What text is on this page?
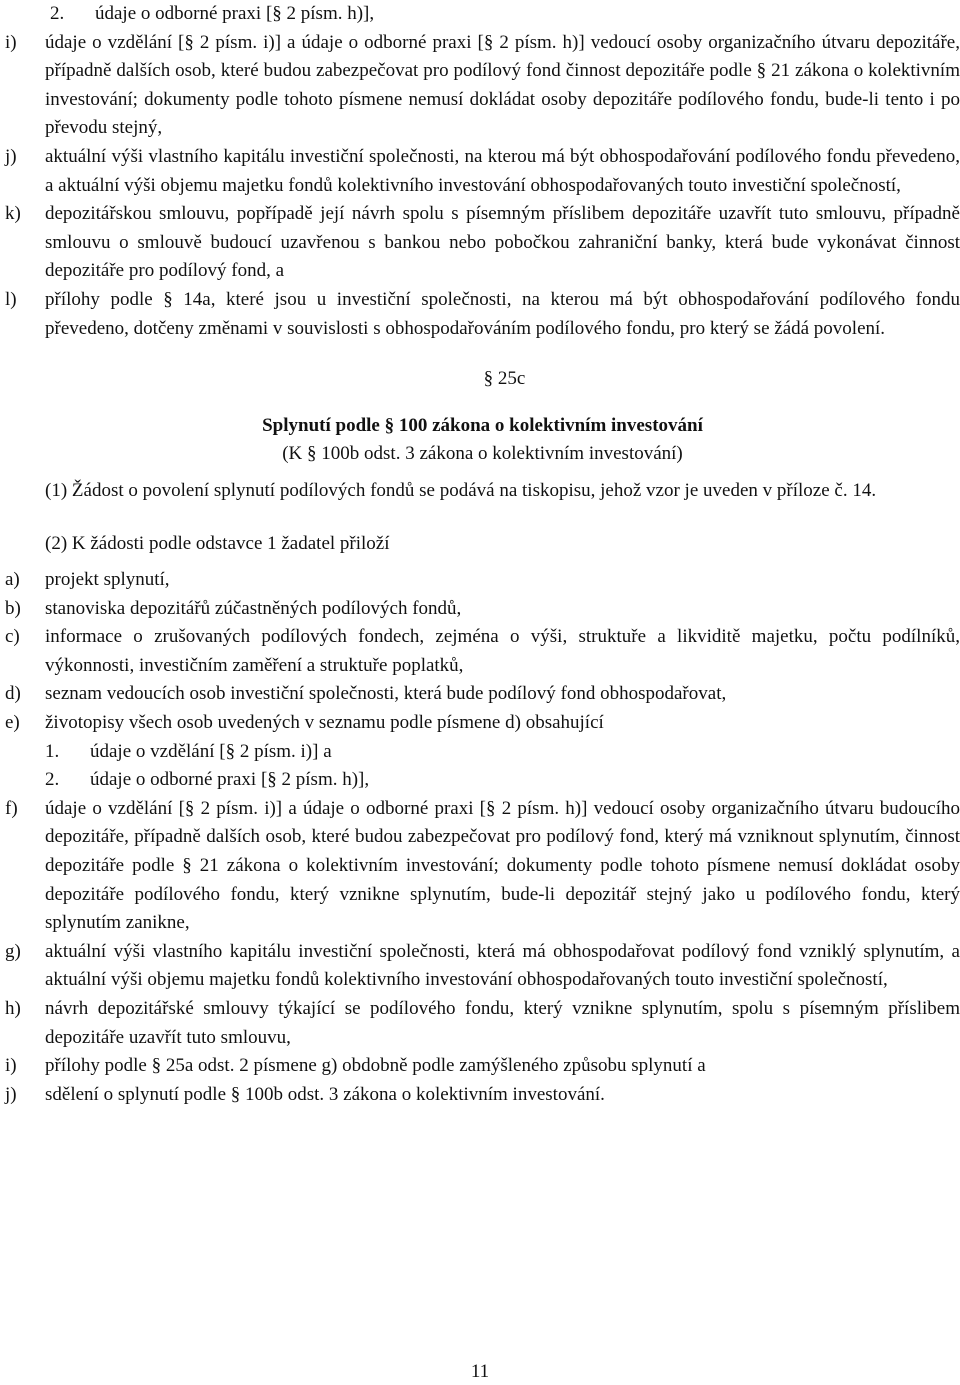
2.	údaje o odborné praxi [§ 2 písm. h)],
i)	údaje o vzdělání [§ 2 písm. i)] a údaje o odborné praxi [§ 2 písm. h)] vedoucí osoby organizačního útvaru depozitáře, případně dalších osob, které budou zabezpečovat pro podílový fond činnost depozitáře podle § 21 zákona o kolektivním investování; dokumenty podle tohoto písmene nemusí dokládat osoby depozitáře podílového fondu, bude-li tento i po převodu stejný,
j)	aktuální výši vlastního kapitálu investiční společnosti, na kterou má být obhospodařování podílového fondu převedeno, a aktuální výši objemu majetku fondů kolektivního investování obhospodařovaných touto investiční společností,
k)	depozitářskou smlouvu, popřípadě její návrh spolu s písemným příslibem depozitáře uzavřít tuto smlouvu, případně smlouvu o smlouvě budoucí uzavřenou s bankou nebo pobočkou zahraniční banky, která bude vykonávat činnost depozitáře pro podílový fond, a
l)	přílohy podle § 14a, které jsou u investiční společnosti, na kterou má být obhospodařování podílového fondu převedeno, dotčeny změnami v souvislosti s obhospodařováním podílového fondu, pro který se žádá povolení.
§ 25c
Splynutí podle § 100 zákona o kolektivním investování
(K § 100b odst. 3 zákona o kolektivním investování)
(1) Žádost o povolení splynutí podílových fondů se podává na tiskopisu, jehož vzor je uveden v příloze č. 14.
(2) K žádosti podle odstavce 1 žadatel přiloží
a)	projekt splynutí,
b)	stanoviska depozitářů zúčastněných podílových fondů,
c)	informace o zrušovaných podílových fondech, zejména o výši, struktuře a likviditě majetku, počtu podílníků, výkonnosti, investičním zaměření a struktuře poplatků,
d)	seznam vedoucích osob investiční společnosti, která bude podílový fond obhospodařovat,
e)	životopisy všech osob uvedených v seznamu podle písmene d) obsahující
1.	údaje o vzdělání [§ 2 písm. i)] a
2.	údaje o odborné praxi [§ 2 písm. h)],
f)	údaje o vzdělání [§ 2 písm. i)] a údaje o odborné praxi [§ 2 písm. h)] vedoucí osoby organizačního útvaru budoucího depozitáře, případně dalších osob, které budou zabezpečovat pro podílový fond, který má vzniknout splynutím, činnost depozitáře podle § 21 zákona o kolektivním investování; dokumenty podle tohoto písmene nemusí dokládat osoby depozitáře podílového fondu, který vznikne splynutím, bude-li depozitář stejný jako u podílového fondu, který splynutím zanikne,
g)	aktuální výši vlastního kapitálu investiční společnosti, která má obhospodařovat podílový fond vzniklý splynutím, a aktuální výši objemu majetku fondů kolektivního investování obhospodařovaných touto investiční společností,
h)	návrh depozitářské smlouvy týkající se podílového fondu, který vznikne splynutím, spolu s písemným příslibem depozitáře uzavřít tuto smlouvu,
i)	přílohy podle § 25a odst. 2 písmene g) obdobně podle zamýšleného způsobu splynutí a
j)	sdělení o splynutí podle § 100b odst. 3 zákona o kolektivním investování.
11
